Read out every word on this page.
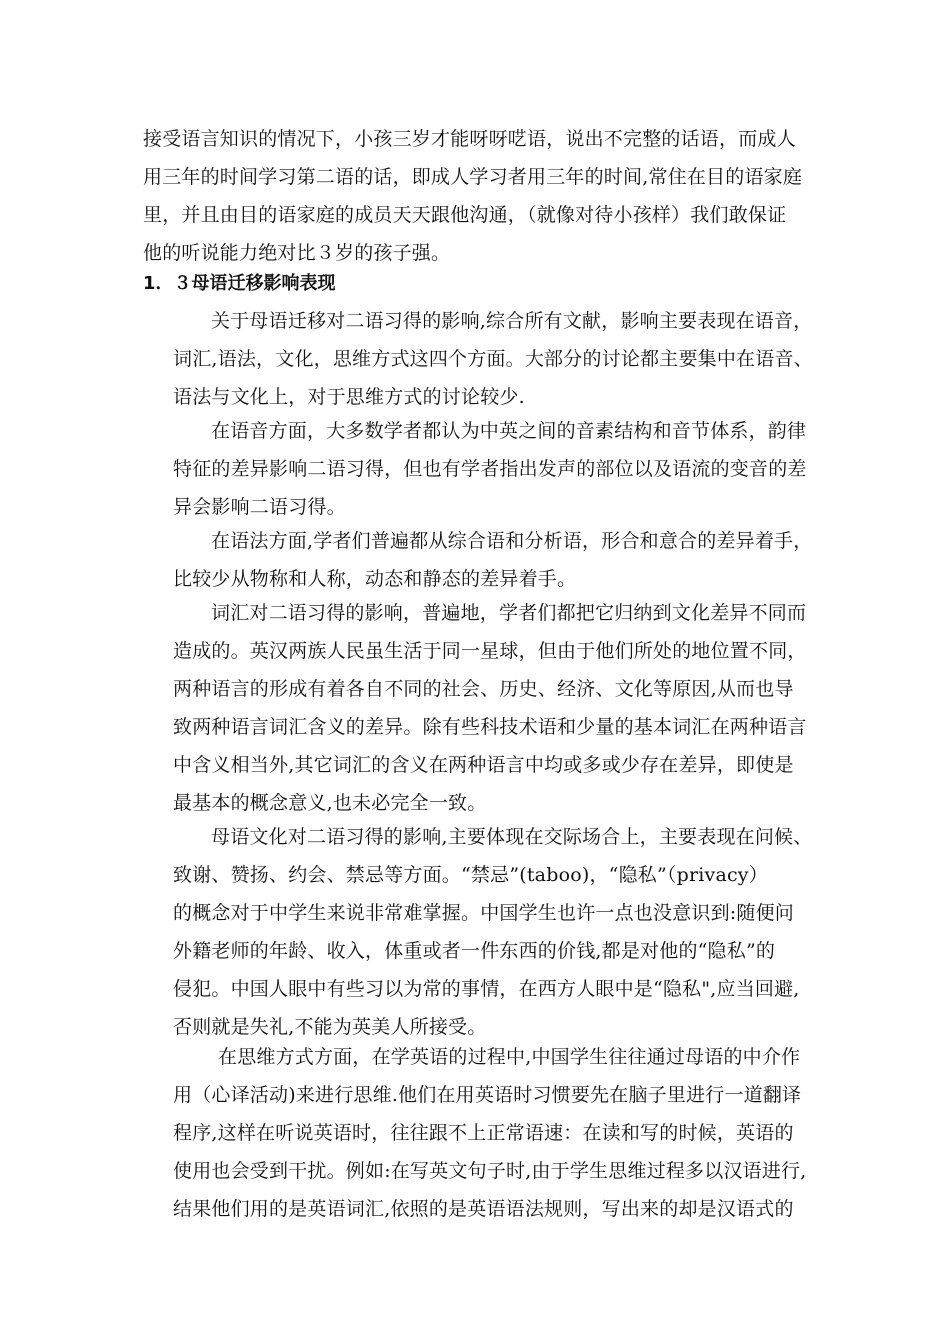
接受语言知识的情况下，小孩三岁才能呀呀呓语，说出不完整的话语，而成人
用三年的时间学习第二语的话，即成人学习者用三年的时间,常住在目的语家庭
里，并且由目的语家庭的成员天天跟他沟通，（就像对待小孩样）我们敢保证
他的听说能力绝对比３岁的孩子强。
1．３母语迁移影响表现
关于母语迁移对二语习得的影响,综合所有文献，影响主要表现在语音，
词汇,语法，文化，思维方式这四个方面。大部分的讨论都主要集中在语音、
语法与文化上，对于思维方式的讨论较少.
在语音方面，大多数学者都认为中英之间的音素结构和音节体系，韵律
特征的差异影响二语习得，但也有学者指出发声的部位以及语流的变音的差
异会影响二语习得。
在语法方面,学者们普遍都从综合语和分析语，形合和意合的差异着手，
比较少从物称和人称，动态和静态的差异着手。
词汇对二语习得的影响，普遍地，学者们都把它归纳到文化差异不同而
造成的。英汉两族人民虽生活于同一星球，但由于他们所处的地位置不同，
两种语言的形成有着各自不同的社会、历史、经济、文化等原因,从而也导
致两种语言词汇含义的差异。除有些科技术语和少量的基本词汇在两种语言
中含义相当外,其它词汇的含义在两种语言中均或多或少存在差异，即使是
最基本的概念意义,也未必完全一致。
母语文化对二语习得的影响,主要体现在交际场合上，主要表现在问候、
致谢、赞扬、约会、禁忌等方面。“禁忌”(taboo)，“隐私”（privacy）
的概念对于中学生来说非常难掌握。中国学生也许一点也没意识到:随便问
外籍老师的年龄、收入，体重或者一件东西的价钱,都是对他的“隐私”的
侵犯。中国人眼中有些习以为常的事情，在西方人眼中是“隐私",应当回避,
否则就是失礼,不能为英美人所接受。
在思维方式方面，在学英语的过程中,中国学生往往通过母语的中介作
用（心译活动)来进行思维.他们在用英语时习惯要先在脑子里进行一道翻译
程序,这样在听说英语时，往往跟不上正常语速：在读和写的时候，英语的
使用也会受到干扰。例如:在写英文句子时,由于学生思维过程多以汉语进行,
结果他们用的是英语词汇,依照的是英语语法规则，写出来的却是汉语式的
